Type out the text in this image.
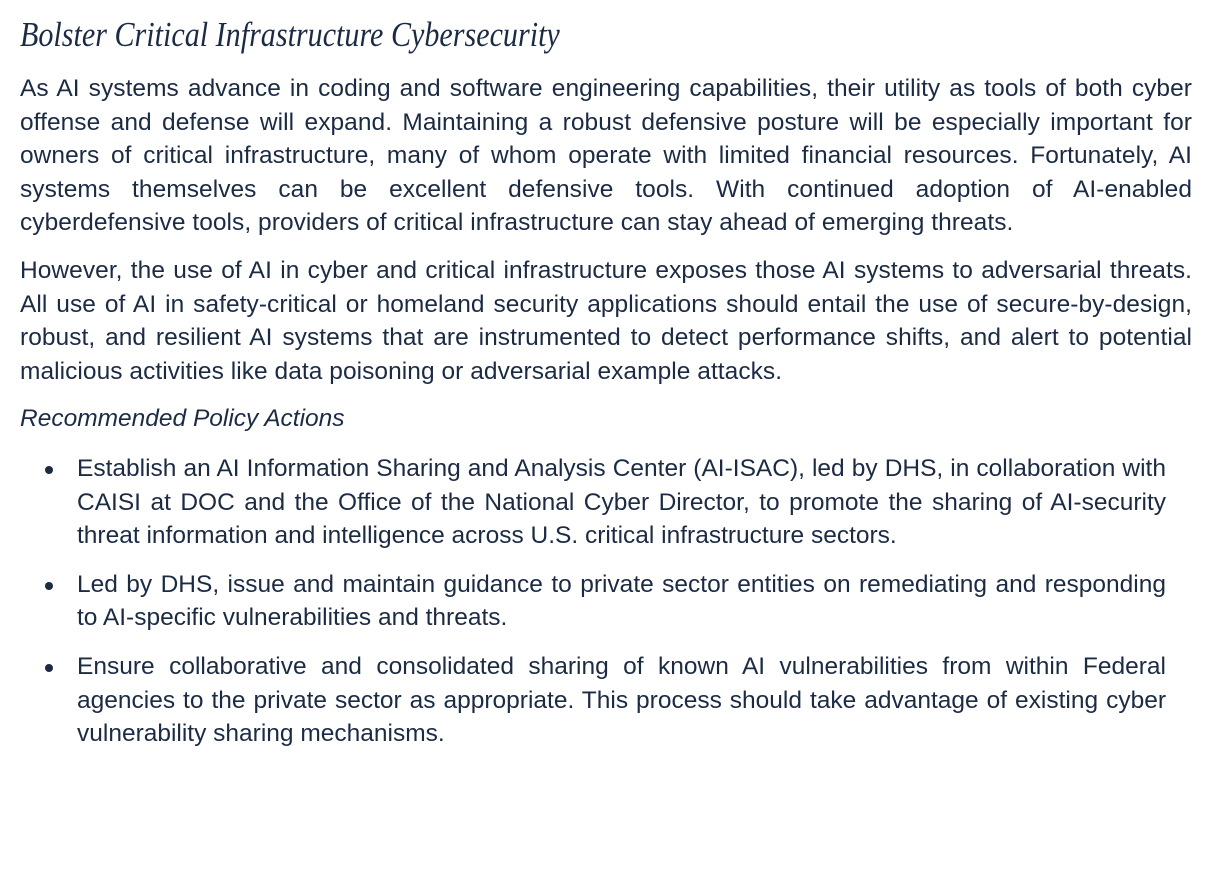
Bolster Critical Infrastructure Cybersecurity

As AI systems advance in coding and software engineering capabilities, their utility as tools of both cyber offense and defense will expand. Maintaining a robust defensive posture will be especially important for owners of critical infrastructure, many of whom operate with limited financial resources. Fortunately, AI systems themselves can be excellent defensive tools. With continued adoption of AI-enabled cyberdefensive tools, providers of critical infrastructure can stay ahead of emerging threats.

However, the use of AI in cyber and critical infrastructure exposes those AI systems to adversarial threats. All use of AI in safety-critical or homeland security applications should entail the use of secure-by-design, robust, and resilient AI systems that are instrumented to detect performance shifts, and alert to potential malicious activities like data poisoning or adversarial example attacks.

Recommended Policy Actions

Establish an AI Information Sharing and Analysis Center (AI-ISAC), led by DHS, in collaboration with CAISI at DOC and the Office of the National Cyber Director, to promote the sharing of AI-security threat information and intelligence across U.S. critical infrastructure sectors.
Led by DHS, issue and maintain guidance to private sector entities on remediating and responding to AI-specific vulnerabilities and threats.
Ensure collaborative and consolidated sharing of known AI vulnerabilities from within Federal agencies to the private sector as appropriate. This process should take advantage of existing cyber vulnerability sharing mechanisms.
